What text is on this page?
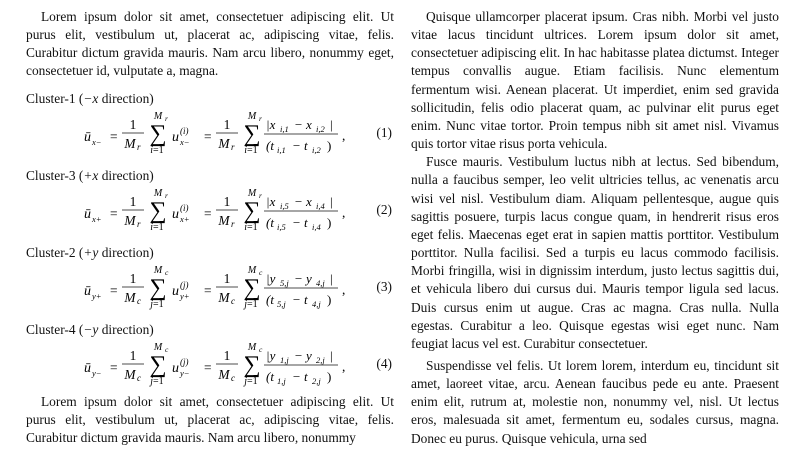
Lorem ipsum dolor sit amet, consectetuer adipiscing elit. Ut purus elit, vestibulum ut, placerat ac, adipiscing vitae, felis. Curabitur dictum gravida mauris. Nam arcu libero, nonummy eget, consectetuer id, vulputate a, magna.

Cluster-1 (−x direction)
ū x− =
1
M r
M r
∑
i =1
u (i)
x− =
1
M r
M r
∑
i =1
|x i,1 − x i,2 |
(t i,1 − t i,2 )
, (1)
Cluster-3 (+x direction)
ū x+ =
1
M r
M r
∑
i =1
u (i)
x+ =
1
M r
M r
∑
i =1
|x i,5 − x i,4 |
(t i,5 − t i,4 )
, (2)
Cluster-2 (+y direction)
ū y+ =
1
M c
M c
∑
j =1
u (j)
y+ =
1
M c
M c
∑
j =1
|y 5,j − y 4,j |
(t 5,j − t 4,j )
, (3)
Cluster-4 (−y direction)
ū y− =
1
M c
M c
∑
j =1
u (j)
y− =
1
M c
M c
∑
j =1
|y 1,j − y 2,j |
(t 1,j − t 2,j )
, (4)

Lorem ipsum dolor sit amet, consectetuer adipiscing elit. Ut purus elit, vestibulum ut, placerat ac, adipiscing vitae, felis. Curabitur dictum gravida mauris. Nam arcu libero, nonummy

Quisque ullamcorper placerat ipsum. Cras nibh. Morbi vel justo vitae lacus tincidunt ultrices. Lorem ipsum dolor sit amet, consectetuer adipiscing elit. In hac habitasse platea dictumst. Integer tempus convallis augue. Etiam facilisis. Nunc elementum fermentum wisi. Aenean placerat. Ut imperdiet, enim sed gravida sollicitudin, felis odio placerat quam, ac pulvinar elit purus eget enim. Nunc vitae tortor. Proin tempus nibh sit amet nisl. Vivamus quis tortor vitae risus porta vehicula.

Fusce mauris. Vestibulum luctus nibh at lectus. Sed bibendum, nulla a faucibus semper, leo velit ultricies tellus, ac venenatis arcu wisi vel nisl. Vestibulum diam. Aliquam pellentesque, augue quis sagittis posuere, turpis lacus congue quam, in hendrerit risus eros eget felis. Maecenas eget erat in sapien mattis porttitor. Vestibulum porttitor. Nulla facilisi. Sed a turpis eu lacus commodo facilisis. Morbi fringilla, wisi in dignissim interdum, justo lectus sagittis dui, et vehicula libero dui cursus dui. Mauris tempor ligula sed lacus. Duis cursus enim ut augue. Cras ac magna. Cras nulla. Nulla egestas. Curabitur a leo. Quisque egestas wisi eget nunc. Nam feugiat lacus vel est. Curabitur consectetuer.

Suspendisse vel felis. Ut lorem lorem, interdum eu, tincidunt sit amet, laoreet vitae, arcu. Aenean faucibus pede eu ante. Praesent enim elit, rutrum at, molestie non, nonummy vel, nisl. Ut lectus eros, malesuada sit amet, fermentum eu, sodales cursus, magna. Donec eu purus. Quisque vehicula, urna sed
